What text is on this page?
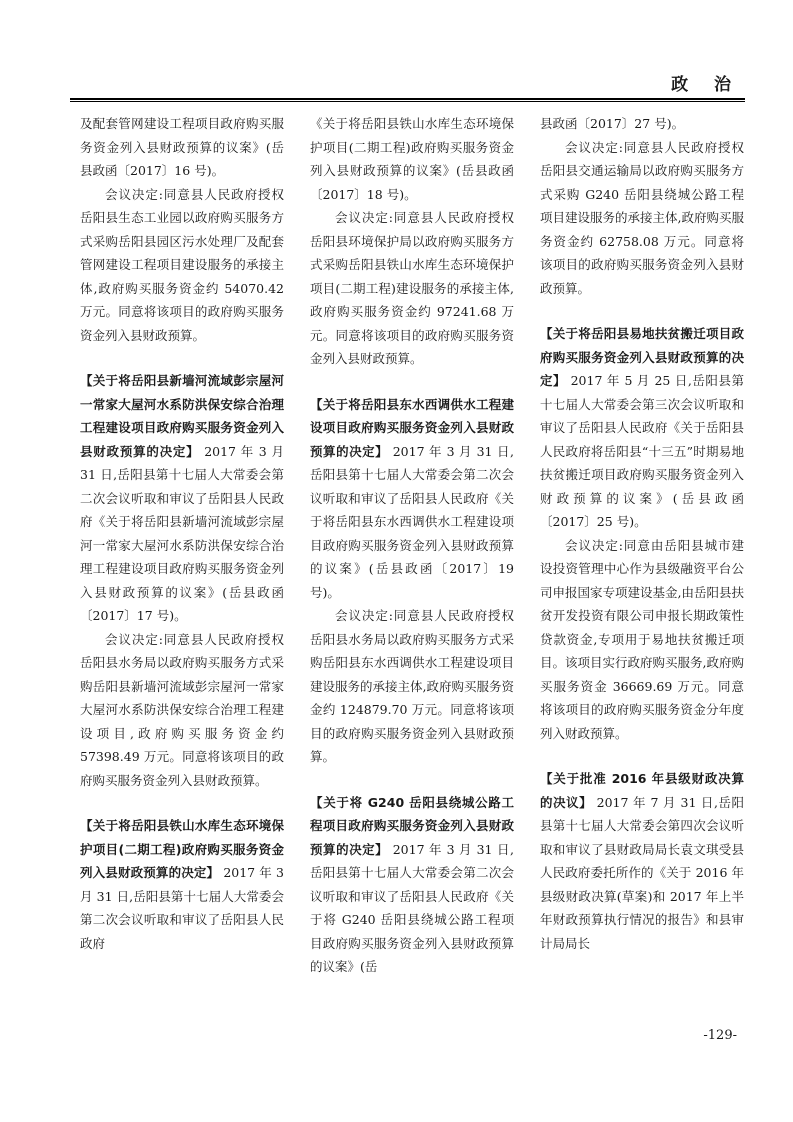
政 治

及配套管网建设工程项目政府购买服务资金列入县财政预算的议案》(岳县政函〔2017〕16 号)。

会议决定:同意县人民政府授权岳阳县生态工业园以政府购买服务方式采购岳阳县园区污水处理厂及配套管网建设工程项目建设服务的承接主体,政府购买服务资金约 54070.42 万元。同意将该项目的政府购买服务资金列入县财政预算。

【关于将岳阳县新墙河流域彭宗屋河一常家大屋河水系防洪保安综合治理工程建设项目政府购买服务资金列入县财政预算的决定】 2017 年 3 月 31 日,岳阳县第十七届人大常委会第二次会议听取和审议了岳阳县人民政府《关于将岳阳县新墙河流域彭宗屋河一常家大屋河水系防洪保安综合治理工程建设项目政府购买服务资金列入县财政预算的议案》(岳县政函〔2017〕17 号)。

会议决定:同意县人民政府授权岳阳县水务局以政府购买服务方式采购岳阳县新墙河流域彭宗屋河一常家大屋河水系防洪保安综合治理工程建设项目,政府购买服务资金约 57398.49 万元。同意将该项目的政府购买服务资金列入县财政预算。

【关于将岳阳县铁山水库生态环境保护项目(二期工程)政府购买服务资金列入县财政预算的决定】 2017 年 3 月 31 日,岳阳县第十七届人大常委会第二次会议听取和审议了岳阳县人民政府

《关于将岳阳县铁山水库生态环境保护项目(二期工程)政府购买服务资金列入县财政预算的议案》(岳县政函〔2017〕18 号)。

会议决定:同意县人民政府授权岳阳县环境保护局以政府购买服务方式采购岳阳县铁山水库生态环境保护项目(二期工程)建设服务的承接主体,政府购买服务资金约 97241.68 万元。同意将该项目的政府购买服务资金列入县财政预算。

【关于将岳阳县东水西调供水工程建设项目政府购买服务资金列入县财政预算的决定】 2017 年 3 月 31 日,岳阳县第十七届人大常委会第二次会议听取和审议了岳阳县人民政府《关于将岳阳县东水西调供水工程建设项目政府购买服务资金列入县财政预算的议案》(岳县政函〔2017〕19 号)。

会议决定:同意县人民政府授权岳阳县水务局以政府购买服务方式采购岳阳县东水西调供水工程建设项目建设服务的承接主体,政府购买服务资金约 124879.70 万元。同意将该项目的政府购买服务资金列入县财政预算。

【关于将 G240 岳阳县绕城公路工程项目政府购买服务资金列入县财政预算的决定】 2017 年 3 月 31 日,岳阳县第十七届人大常委会第二次会议听取和审议了岳阳县人民政府《关于将 G240 岳阳县绕城公路工程项目政府购买服务资金列入县财政预算的议案》(岳

县政函〔2017〕27 号)。

会议决定:同意县人民政府授权岳阳县交通运输局以政府购买服务方式采购 G240 岳阳县绕城公路工程项目建设服务的承接主体,政府购买服务资金约 62758.08 万元。同意将该项目的政府购买服务资金列入县财政预算。

【关于将岳阳县易地扶贫搬迁项目政府购买服务资金列入县财政预算的决定】 2017 年 5 月 25 日,岳阳县第十七届人大常委会第三次会议听取和审议了岳阳县人民政府《关于岳阳县人民政府将岳阳县“十三五”时期易地扶贫搬迁项目政府购买服务资金列入财政预算的议案》(岳县政函〔2017〕25 号)。

会议决定:同意由岳阳县城市建设投资管理中心作为县级融资平台公司申报国家专项建设基金,由岳阳县扶贫开发投资有限公司申报长期政策性贷款资金,专项用于易地扶贫搬迁项目。该项目实行政府购买服务,政府购买服务资金 36669.69 万元。同意将该项目的政府购买服务资金分年度列入财政预算。

【关于批准 2016 年县级财政决算的决议】 2017 年 7 月 31 日,岳阳县第十七届人大常委会第四次会议听取和审议了县财政局局长袁文琪受县人民政府委托所作的《关于 2016 年县级财政决算(草案)和 2017 年上半年财政预算执行情况的报告》和县审计局局长

-129-
